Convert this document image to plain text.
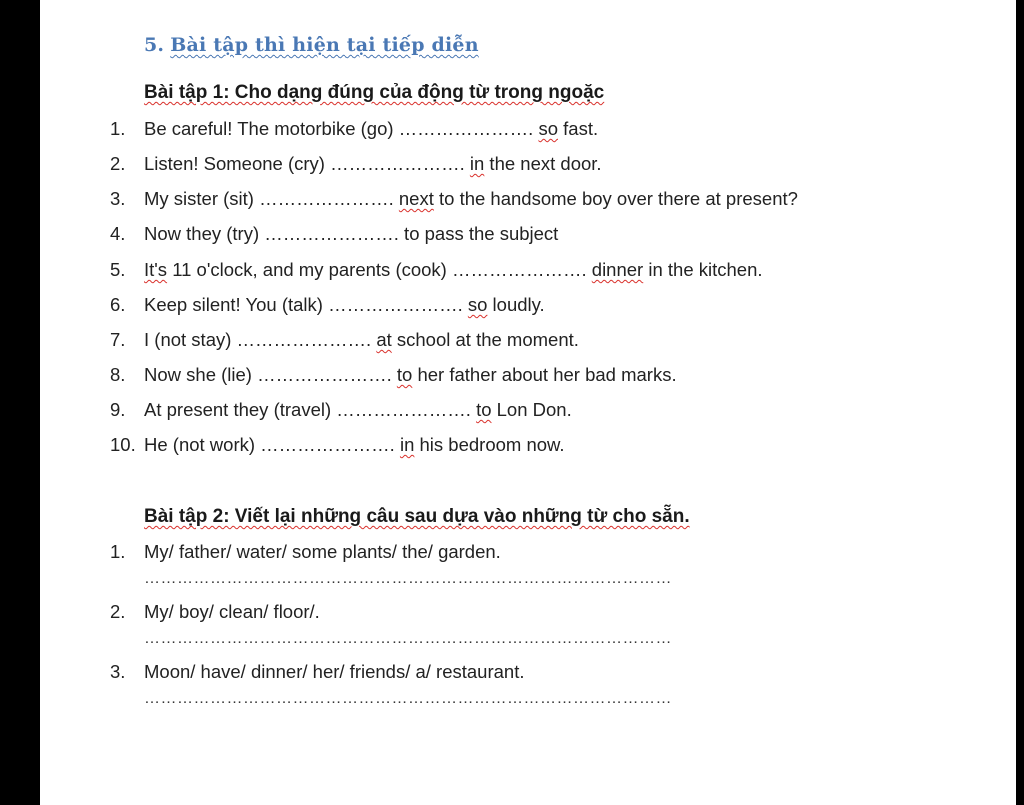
5. Bài tập thì hiện tại tiếp diễn
Bài tập 1: Cho dạng đúng của động từ trong ngoặc
1. Be careful! The motorbike (go) …………………. so fast.
2. Listen! Someone (cry) …………………. in the next door.
3. My sister (sit) …………………. next to the handsome boy over there at present?
4. Now they (try) …………………. to pass the subject
5. It's 11 o'clock, and my parents (cook) …………………. dinner in the kitchen.
6. Keep silent! You (talk) …………………. so loudly.
7. I (not stay) …………………. at school at the moment.
8. Now she (lie) …………………. to her father about her bad marks.
9. At present they (travel) …………………. to Lon Don.
10. He (not work) …………………. in his bedroom now.
Bài tập 2: Viết lại những câu sau dựa vào những từ cho sẵn.
1. My/ father/ water/ some plants/ the/ garden.
……………………………………………………………………………………
2. My/ boy/ clean/ floor/.
……………………………………………………………………………………
3. Moon/ have/ dinner/ her/ friends/ a/ restaurant.
……………………………………………………………………………………
